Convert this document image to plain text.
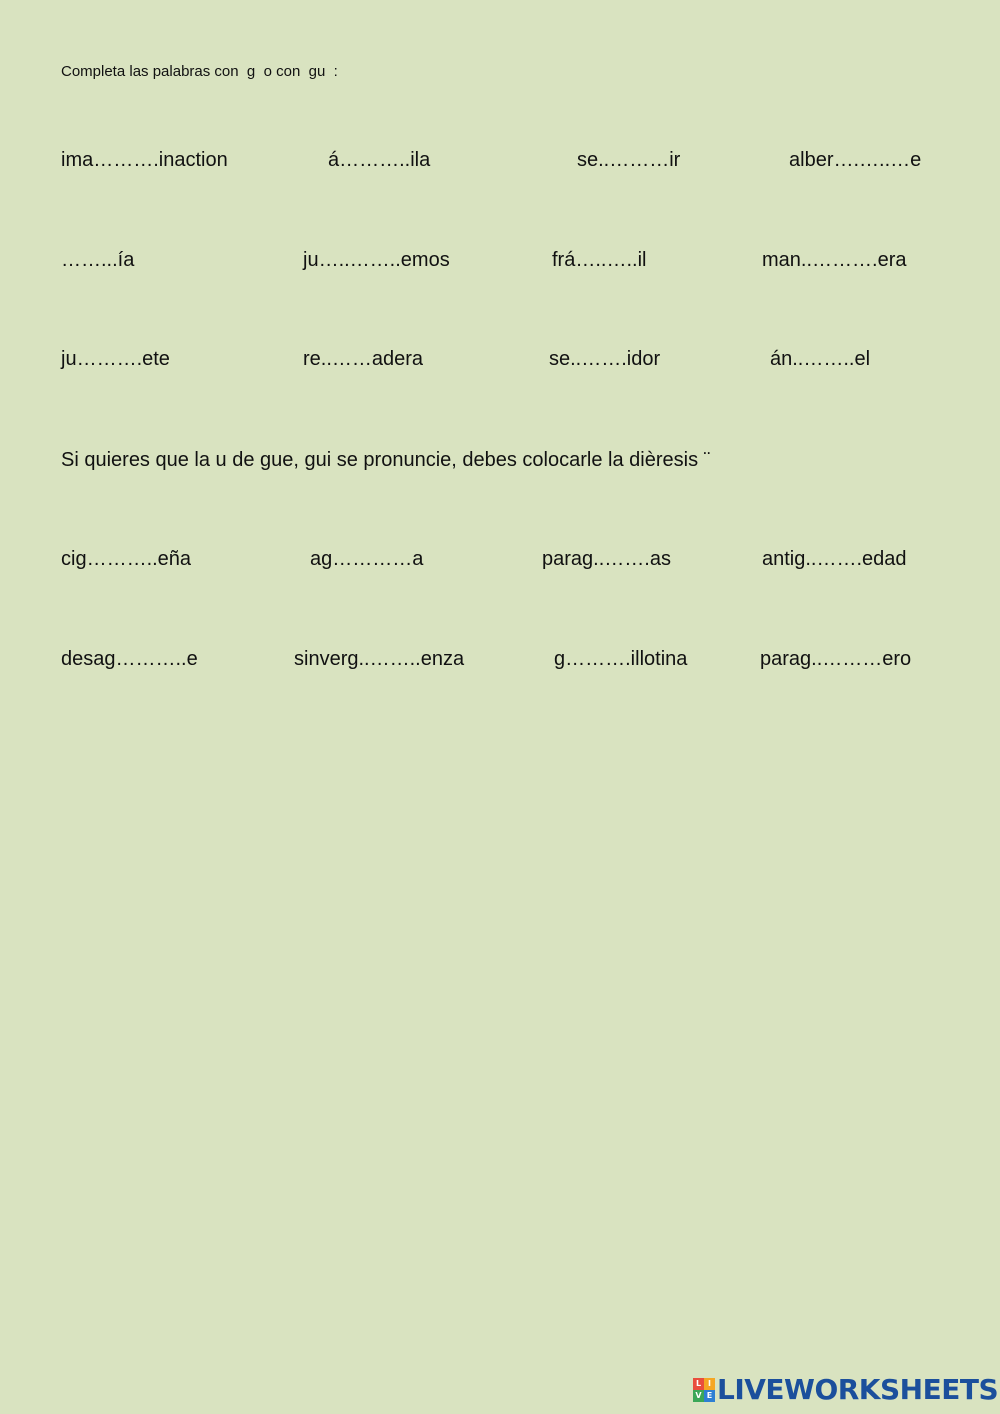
Completa las palabras con  g  o con  gu  :
ima……….inaction	á………..ila	se..………ir	alber….…..…e
……...ía	ju…..……..emos	frá…..…..il	man..……….era
ju……….ete	re..……adera	se..…….idor	án..……..el
Si quieres que la u de gue, gui se pronuncie, debes colocarle la dièresis ¨
cig………..eña	ag…………a	parag..…….as	antig..…….edad
desag………..e	sinverg..……..enza	g……….illotina	parag..………ero
L I
V E LIVEWORKSHEETS
